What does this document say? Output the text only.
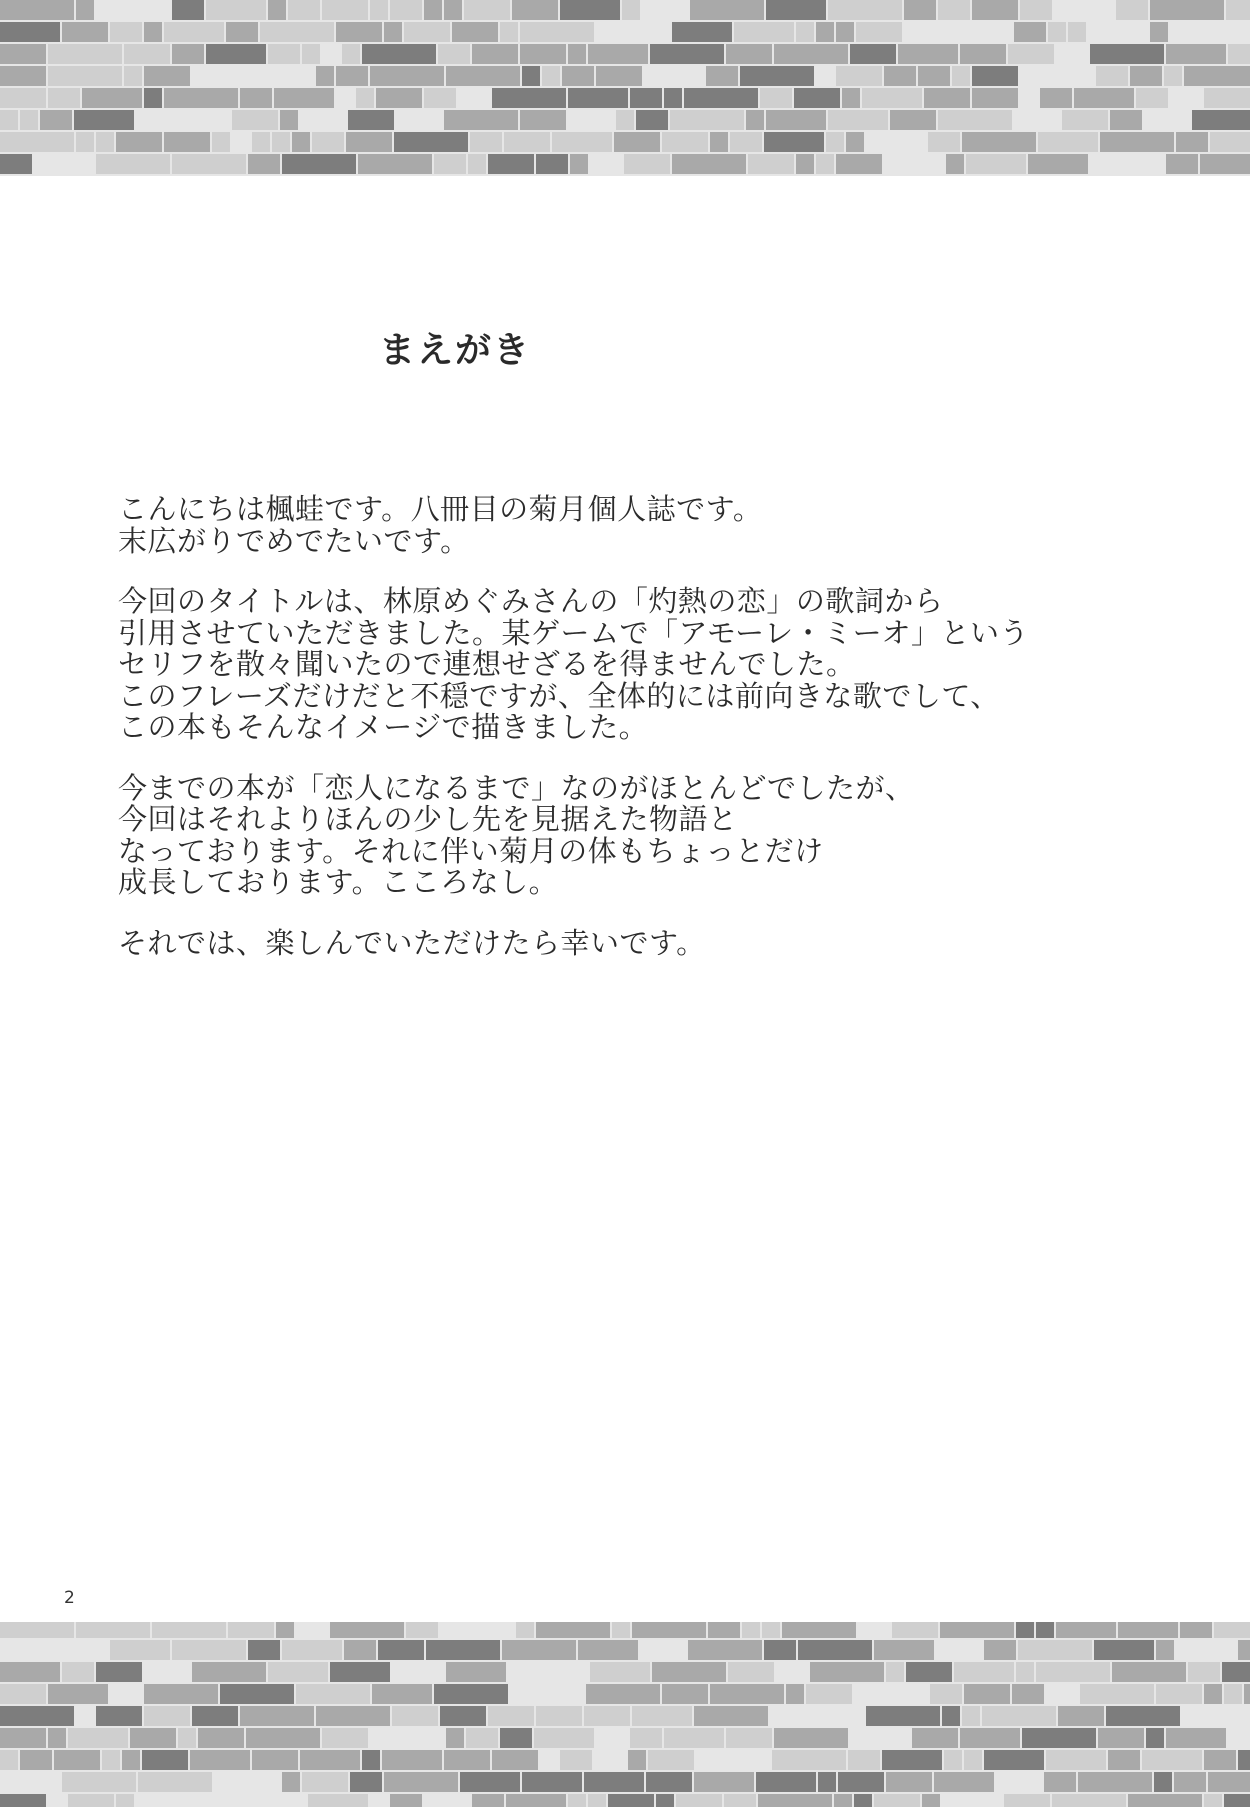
まえがき

こんにちは楓蛙です。八冊目の菊月個人誌です。
末広がりでめでたいです。

今回のタイトルは、林原めぐみさんの「灼熱の恋」の歌詞から
引用させていただきました。某ゲームで「アモーレ・ミーオ」という
セリフを散々聞いたので連想せざるを得ませんでした。
このフレーズだけだと不穏ですが、全体的には前向きな歌でして、
この本もそんなイメージで描きました。

今までの本が「恋人になるまで」なのがほとんどでしたが、
今回はそれよりほんの少し先を見据えた物語と
なっております。それに伴い菊月の体もちょっとだけ
成長しております。こころなし。

それでは、楽しんでいただけたら幸いです。

2
